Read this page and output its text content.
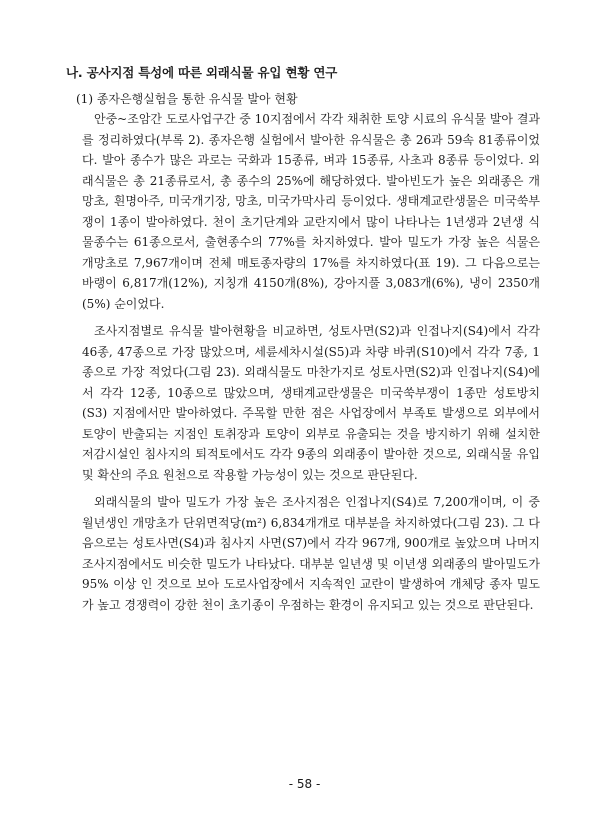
나. 공사지점 특성에 따른 외래식물 유입 현황 연구
(1) 종자은행실험을 통한 유식물 발아 현황

안중~조암간 도로사업구간 중 10지점에서 각각 채취한 토양 시료의 유식물 발아 결과를 정리하였다(부록 2). 종자은행 실험에서 발아한 유식물은 총 26과 59속 81종류이었다. 발아 종수가 많은 과로는 국화과 15종류, 벼과 15종류, 사초과 8종류 등이었다. 외래식물은 총 21종류로서, 총 종수의 25%에 해당하였다. 발아빈도가 높은 외래종은 개망초, 흰명아주, 미국개기장, 망초, 미국가막사리 등이었다. 생태계교란생물은 미국쑥부쟁이 1종이 발아하였다. 천이 초기단계와 교란지에서 많이 나타나는 1년생과 2년생 식물종수는 61종으로서, 출현종수의 77%를 차지하였다. 발아 밀도가 가장 높은 식물은 개망초로 7,967개이며 전체 매토종자량의 17%를 차지하였다(표 19). 그 다음으로는 바랭이 6,817개(12%), 지칭개 4150개(8%), 강아지풀 3,083개(6%), 냉이 2350개(5%) 순이었다.

조사지점별로 유식물 발아현황을 비교하면, 성토사면(S2)과 인접나지(S4)에서 각각 46종, 47종으로 가장 많았으며, 세륜세차시설(S5)과 차량 바퀴(S10)에서 각각 7종, 1종으로 가장 적었다(그림 23). 외래식물도 마찬가지로 성토사면(S2)과 인접나지(S4)에서 각각 12종, 10종으로 많았으며, 생태계교란생물은 미국쑥부쟁이 1종만 성토방치(S3) 지점에서만 발아하였다. 주목할 만한 점은 사업장에서 부족토 발생으로 외부에서 토양이 반출되는 지점인 토취장과 토양이 외부로 유출되는 것을 방지하기 위해 설치한 저감시설인 침사지의 퇴적토에서도 각각 9종의 외래종이 발아한 것으로, 외래식물 유입 및 확산의 주요 원천으로 작용할 가능성이 있는 것으로 판단된다.

외래식물의 발아 밀도가 가장 높은 조사지점은 인접나지(S4)로 7,200개이며, 이 중 월년생인 개망초가 단위면적당(m²) 6,834개개로 대부분을 차지하였다(그림 23). 그 다음으로는 성토사면(S4)과 침사지 사면(S7)에서 각각 967개, 900개로 높았으며 나머지 조사지점에서도 비슷한 밀도가 나타났다. 대부분 일년생 및 이년생 외래종의 발아밀도가 95% 이상 인 것으로 보아 도로사업장에서 지속적인 교란이 발생하여 개체당 종자 밀도가 높고 경쟁력이 강한 천이 초기종이 우점하는 환경이 유지되고 있는 것으로 판단된다.

- 58 -
